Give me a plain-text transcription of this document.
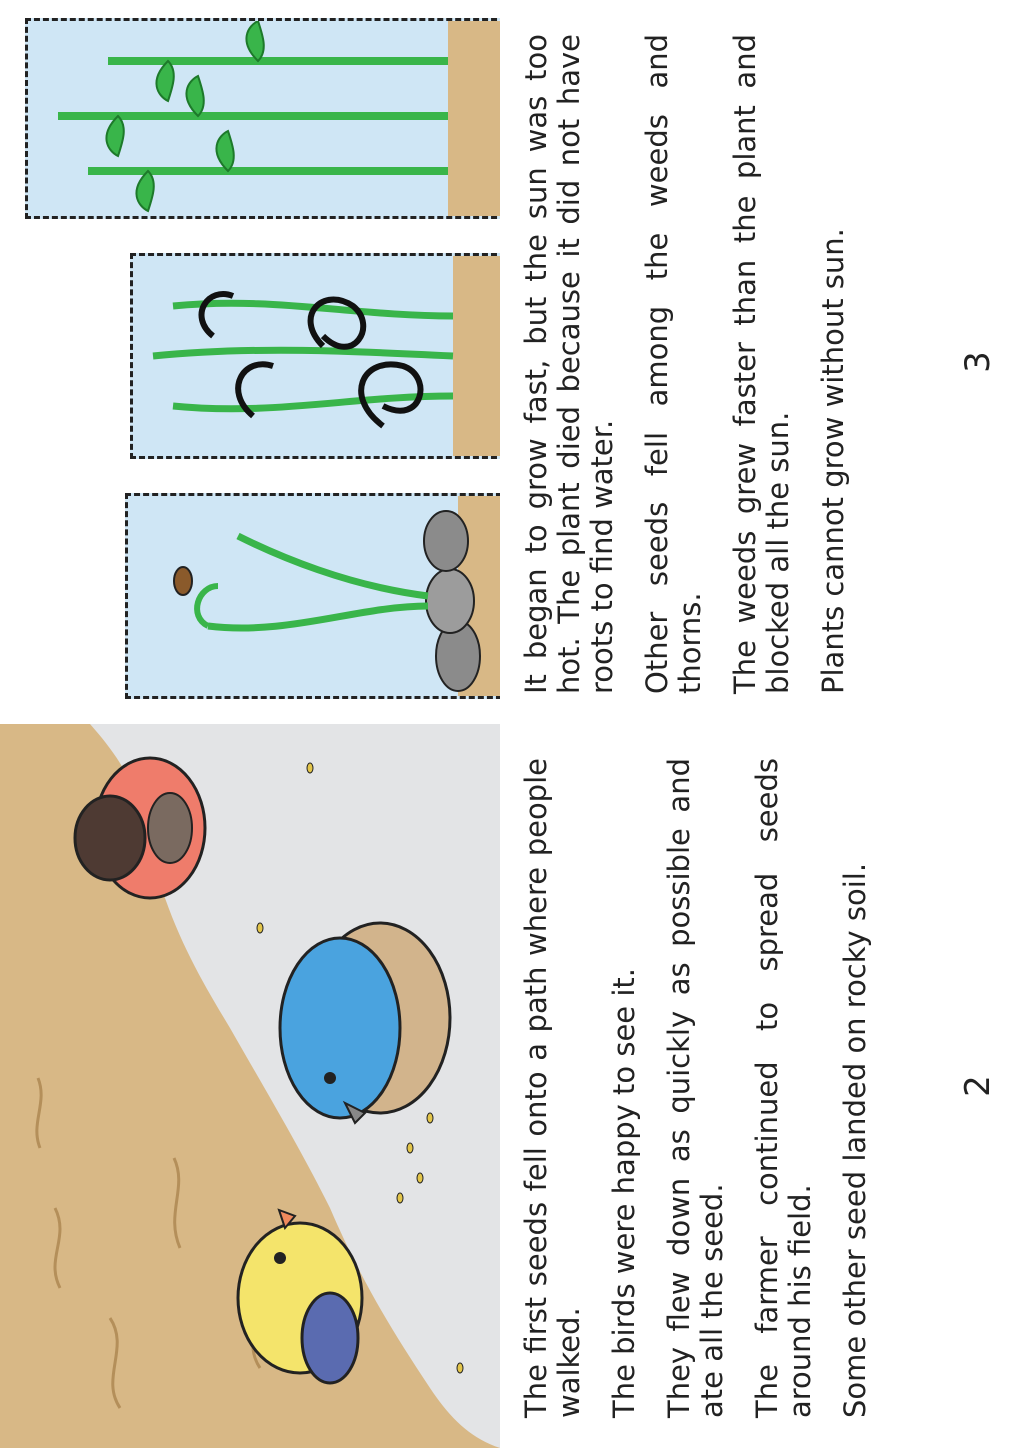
The first seeds fell onto a path where people walked. The birds were happy to see it. They flew down as quickly as possible and ate all the seed. The farmer continued to spread seeds around his field. Some other seed landed on rocky soil.	2

It began to grow fast, but the sun was too hot. The plant died because it did not have roots to find water. Other seeds fell among the weeds and thorns. The weeds grew faster than the plant and blocked all the sun. Plants cannot grow without sun.	3
